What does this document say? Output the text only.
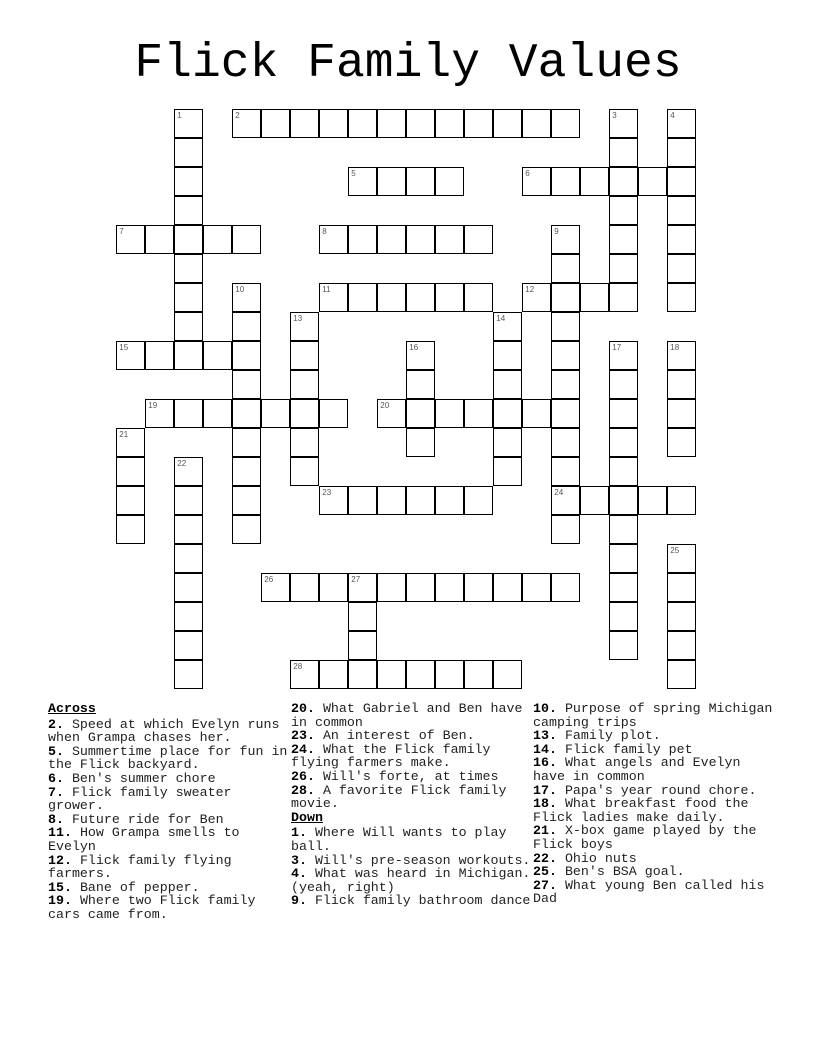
Flick Family Values
1	2	3	4
5	6
7	8	9
24
10	11	12
13	14
15	16	17	18
19	20
21
22
23
25
26	27
28
Across
2. Speed at which Evelyn runs when Grampa chases her.
5. Summertime place for fun in the Flick backyard.
6. Ben's summer chore
7. Flick family sweater grower.
8. Future ride for Ben
11. How Grampa smells to Evelyn
12. Flick family flying farmers.
15. Bane of pepper.
19. Where two Flick family cars came from.
20. What Gabriel and Ben have in common
23. An interest of Ben.
24. What the Flick family flying farmers make.
26. Will's forte, at times
28. A favorite Flick family movie.
Down
1. Where Will wants to play ball.
3. Will's pre-season workouts.
4. What was heard in Michigan. (yeah, right)
9. Flick family bathroom dance
10. Purpose of spring Michigan camping trips
13. Family plot.
14. Flick family pet
16. What angels and Evelyn have in common
17. Papa's year round chore.
18. What breakfast food the Flick ladies make daily.
21. X-box game played by the Flick boys
22. Ohio nuts
25. Ben's BSA goal.
27. What young Ben called his Dad
